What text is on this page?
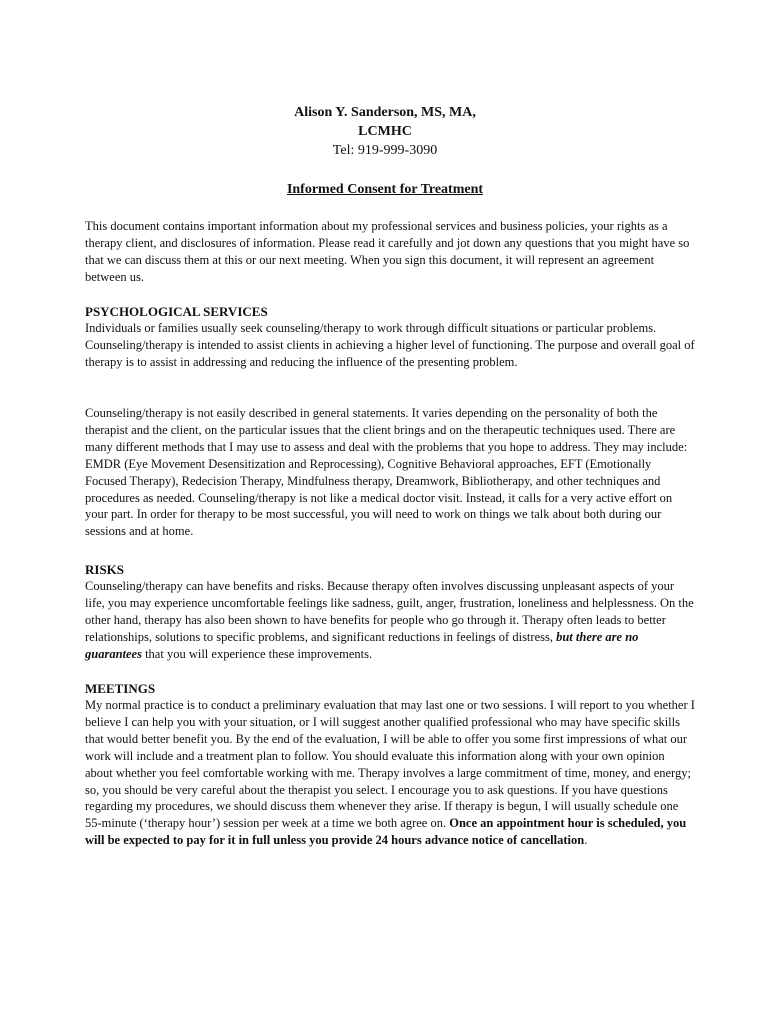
Alison Y. Sanderson, MS, MA,
LCMHC
Tel: 919-999-3090
Informed Consent for Treatment

This document contains important information about my professional services and business policies, your rights as a therapy client, and disclosures of information. Please read it carefully and jot down any questions that you might have so that we can discuss them at this or our next meeting. When you sign this document, it will represent an agreement between us.

PSYCHOLOGICAL SERVICES

Individuals or families usually seek counseling/therapy to work through difficult situations or particular problems. Counseling/therapy is intended to assist clients in achieving a higher level of functioning. The purpose and overall goal of therapy is to assist in addressing and reducing the influence of the presenting problem.

Counseling/therapy is not easily described in general statements. It varies depending on the personality of both the therapist and the client, on the particular issues that the client brings and on the therapeutic techniques used. There are many different methods that I may use to assess and deal with the problems that you hope to address. They may include: EMDR (Eye Movement Desensitization and Reprocessing), Cognitive Behavioral approaches, EFT (Emotionally Focused Therapy), Redecision Therapy, Mindfulness therapy, Dreamwork, Bibliotherapy, and other techniques and procedures as needed. Counseling/therapy is not like a medical doctor visit. Instead, it calls for a very active effort on your part. In order for therapy to be most successful, you will need to work on things we talk about both during our sessions and at home.

RISKS

Counseling/therapy can have benefits and risks. Because therapy often involves discussing unpleasant aspects of your life, you may experience uncomfortable feelings like sadness, guilt, anger, frustration, loneliness and helplessness. On the other hand, therapy has also been shown to have benefits for people who go through it. Therapy often leads to better relationships, solutions to specific problems, and significant reductions in feelings of distress, but there are no guarantees that you will experience these improvements.

MEETINGS

My normal practice is to conduct a preliminary evaluation that may last one or two sessions. I will report to you whether I believe I can help you with your situation, or I will suggest another qualified professional who may have specific skills that would better benefit you. By the end of the evaluation, I will be able to offer you some first impressions of what our work will include and a treatment plan to follow. You should evaluate this information along with your own opinion about whether you feel comfortable working with me. Therapy involves a large commitment of time, money, and energy; so, you should be very careful about the therapist you select. I encourage you to ask questions. If you have questions regarding my procedures, we should discuss them whenever they arise. If therapy is begun, I will usually schedule one 55-minute (‘therapy hour’) session per week at a time we both agree on. Once an appointment hour is scheduled, you will be expected to pay for it in full unless you provide 24 hours advance notice of cancellation.
